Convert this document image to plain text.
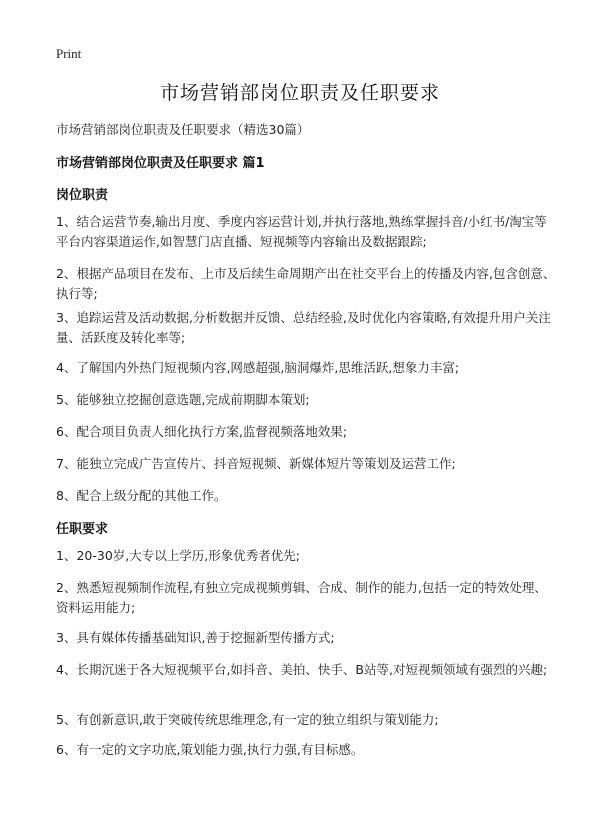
Print
市场营销部岗位职责及任职要求
市场营销部岗位职责及任职要求（精选30篇）
市场营销部岗位职责及任职要求 篇1
岗位职责
1、结合运营节奏,输出月度、季度内容运营计划,并执行落地,熟练掌握抖音/小红书/淘宝等平台内容渠道运作,如智慧门店直播、短视频等内容输出及数据跟踪;
2、根据产品项目在发布、上市及后续生命周期产出在社交平台上的传播及内容,包含创意、执行等;
3、追踪运营及活动数据,分析数据并反馈、总结经验,及时优化内容策略,有效提升用户关注量、活跃度及转化率等;
4、了解国内外热门短视频内容,网感超强,脑洞爆炸,思维活跃,想象力丰富;
5、能够独立挖掘创意选题,完成前期脚本策划;
6、配合项目负责人细化执行方案,监督视频落地效果;
7、能独立完成广告宣传片、抖音短视频、新媒体短片等策划及运营工作;
8、配合上级分配的其他工作。
任职要求
1、20-30岁,大专以上学历,形象优秀者优先;
2、熟悉短视频制作流程,有独立完成视频剪辑、合成、制作的能力,包括一定的特效处理、资料运用能力;
3、具有媒体传播基础知识,善于挖掘新型传播方式;
4、长期沉迷于各大短视频平台,如抖音、美拍、快手、B站等,对短视频领域有强烈的兴趣;
5、有创新意识,敢于突破传统思维理念,有一定的独立组织与策划能力;
6、有一定的文字功底,策划能力强,执行力强,有目标感。
